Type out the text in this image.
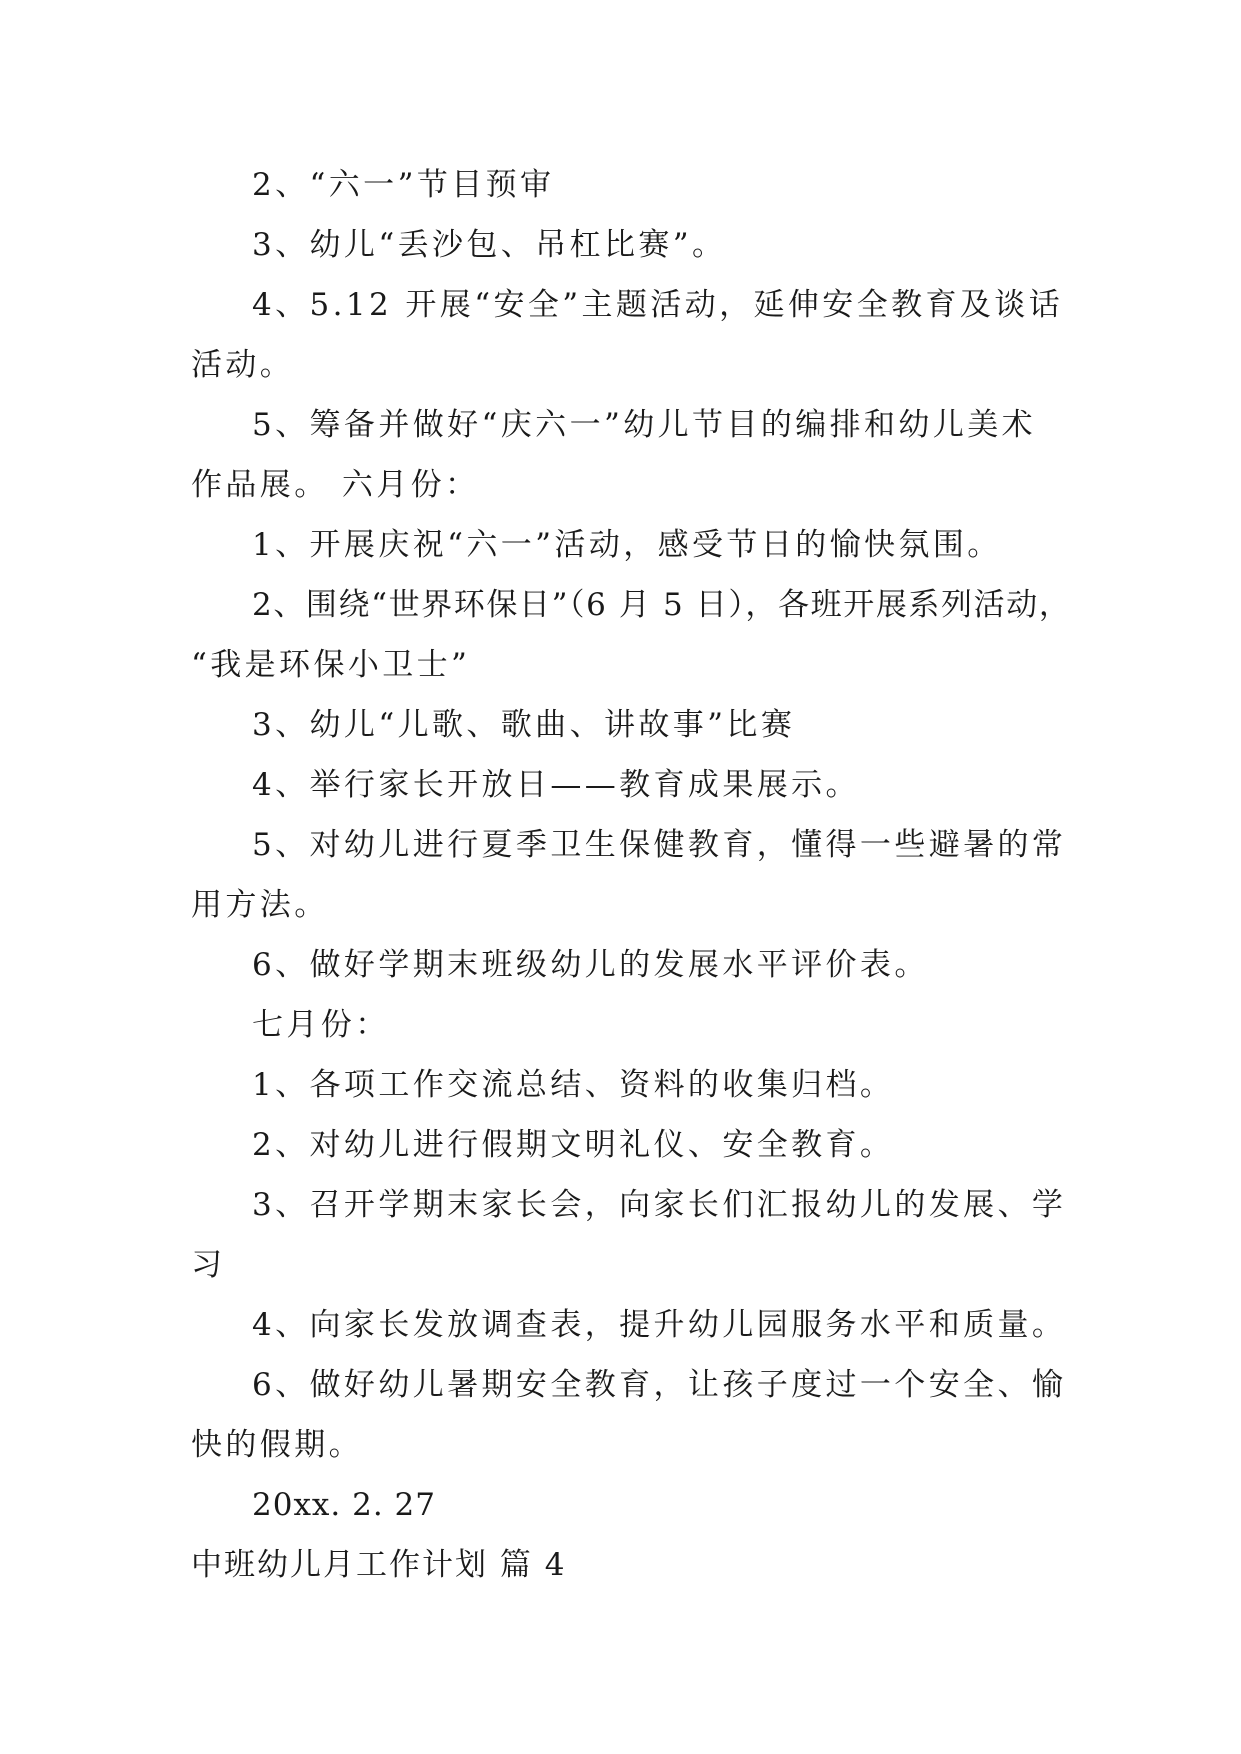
2、“六一”节目预审
3、幼儿“丢沙包、吊杠比赛”。
4、5.12 开展“安全”主题活动，延伸安全教育及谈话
活动。
5、筹备并做好“庆六一”幼儿节目的编排和幼儿美术
作品展。 六月份：
1、开展庆祝“六一”活动，感受节日的愉快氛围。
2、围绕“世界环保日”（6 月 5 日），各班开展系列活动，
“我是环保小卫士”
3、幼儿“儿歌、歌曲、讲故事”比赛
4、举行家长开放日——教育成果展示。
5、对幼儿进行夏季卫生保健教育，懂得一些避暑的常
用方法。
6、做好学期末班级幼儿的发展水平评价表。
七月份：
1、各项工作交流总结、资料的收集归档。
2、对幼儿进行假期文明礼仪、安全教育。
3、召开学期末家长会，向家长们汇报幼儿的发展、学
习
4、向家长发放调查表，提升幼儿园服务水平和质量。
6、做好幼儿暑期安全教育，让孩子度过一个安全、愉
快的假期。
20xx. 2. 27
中班幼儿月工作计划 篇 4
